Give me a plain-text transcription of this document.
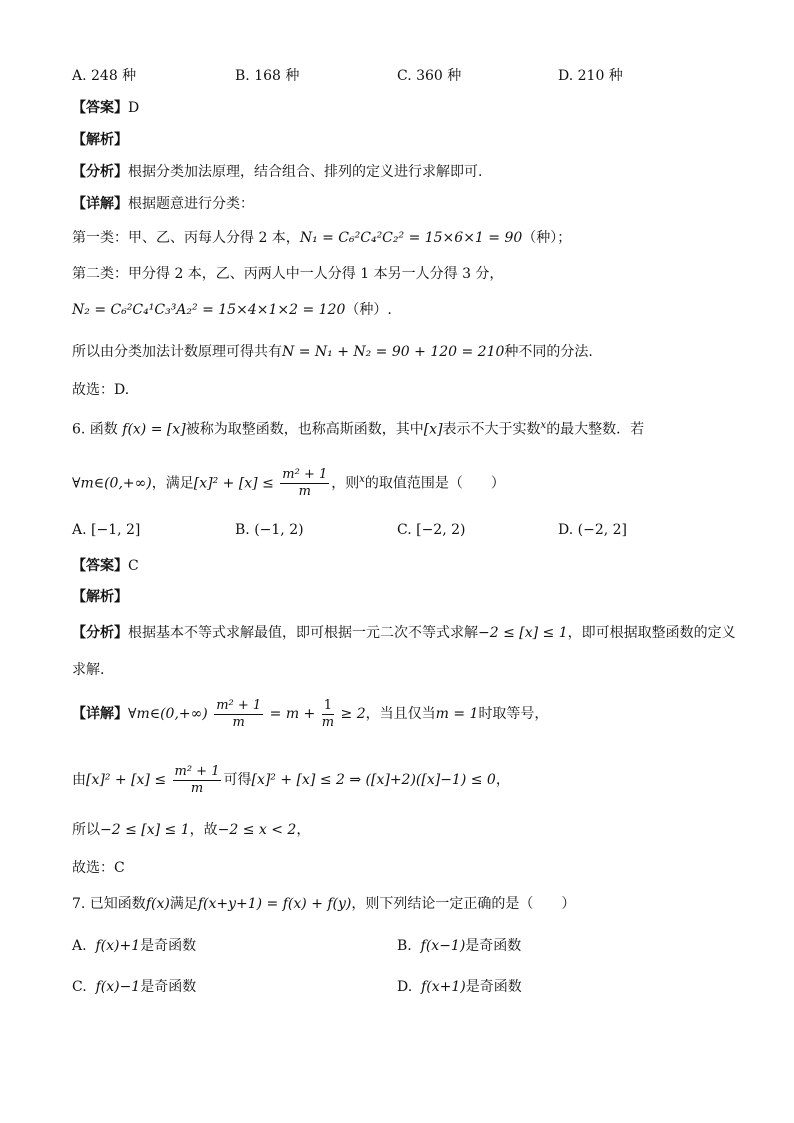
A. 248 种	B. 168 种	C. 360 种	D. 210 种
【答案】D
【解析】
【分析】根据分类加法原理，结合组合、排列的定义进行求解即可.
【详解】根据题意进行分类：
第一类：甲、乙、丙每人分得 2 本，N₁ = C₆²C₄²C₂² = 15×6×1 = 90（种）；
第二类：甲分得 2 本，乙、丙两人中一人分得 1 本另一人分得 3 分，
N₂ = C₆²C₄¹C₃³A₂² = 15×4×1×2 = 120（种）.
所以由分类加法计数原理可得共有N = N₁ + N₂ = 90 + 120 = 210种不同的分法.
故选：D.
6. 函数 f(x) = [x]被称为取整函数，也称高斯函数，其中[x]表示不大于实数$^x$的最大整数．若
∀m∈(0,+∞)，满足$[x]^2 + [x] \le \frac{\text{m² + 1}}{m}$ ，则$^x$的取值范围是（　　）
A. [−1, 2]	B. (−1, 2)	C. [−2, 2)	D. (−2, 2]
【答案】C
【解析】
【分析】根据基本不等式求解最值，即可根据一元二次不等式求解−2 ≤ [x] ≤ 1，即可根据取整函数的定义
求解.
【详解】∀m∈(0,+∞) $\frac{\text{m² + 1}}{m} = m + \frac{1}{m} \ge 2$，当且仅当m = 1时取等号，
由$[x]^2 + [x] \le \frac{\text{m² + 1}}{m}$ 可得[x]² + [x] ≤ 2 ⇒ ([x]+2)([x]−1) ≤ 0，
所以−2 ≤ [x] ≤ 1，故−2 ≤ x < 2，
故选：C
7. 已知函数f(x)满足f(x+y+1) = f(x) + f(y)，则下列结论一定正确的是（　　）
A. f(x)+1是奇函数	B. f(x−1)是奇函数
C. f(x)−1是奇函数	D. f(x+1)是奇函数
